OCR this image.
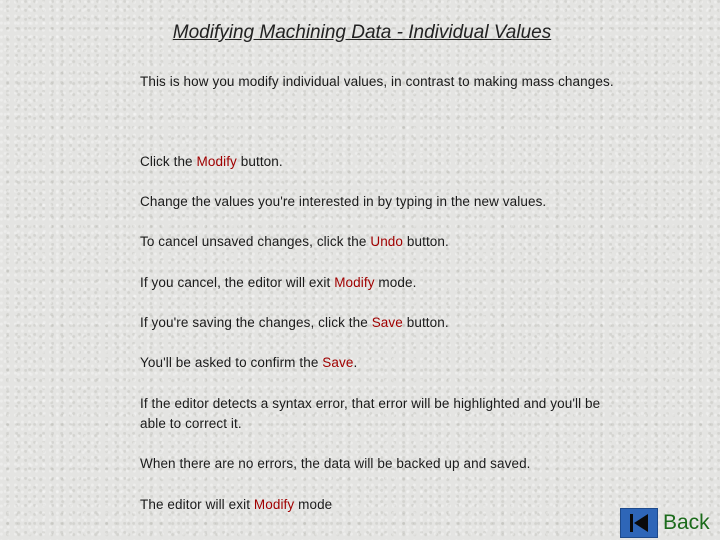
Modifying Machining Data - Individual Values

This is how you modify individual values, in contrast to making mass changes.

Click the Modify button.

Change the values you're interested in by typing in the new values.

To cancel unsaved changes, click the Undo button.

If you cancel, the editor will exit Modify mode.

If you're saving the changes, click the Save button.

You'll be asked to confirm the Save.

If the editor detects a syntax error, that error will be highlighted and you'll be able to correct it.

When there are no errors, the data will be backed up and saved.

The editor will exit Modify mode

Back
